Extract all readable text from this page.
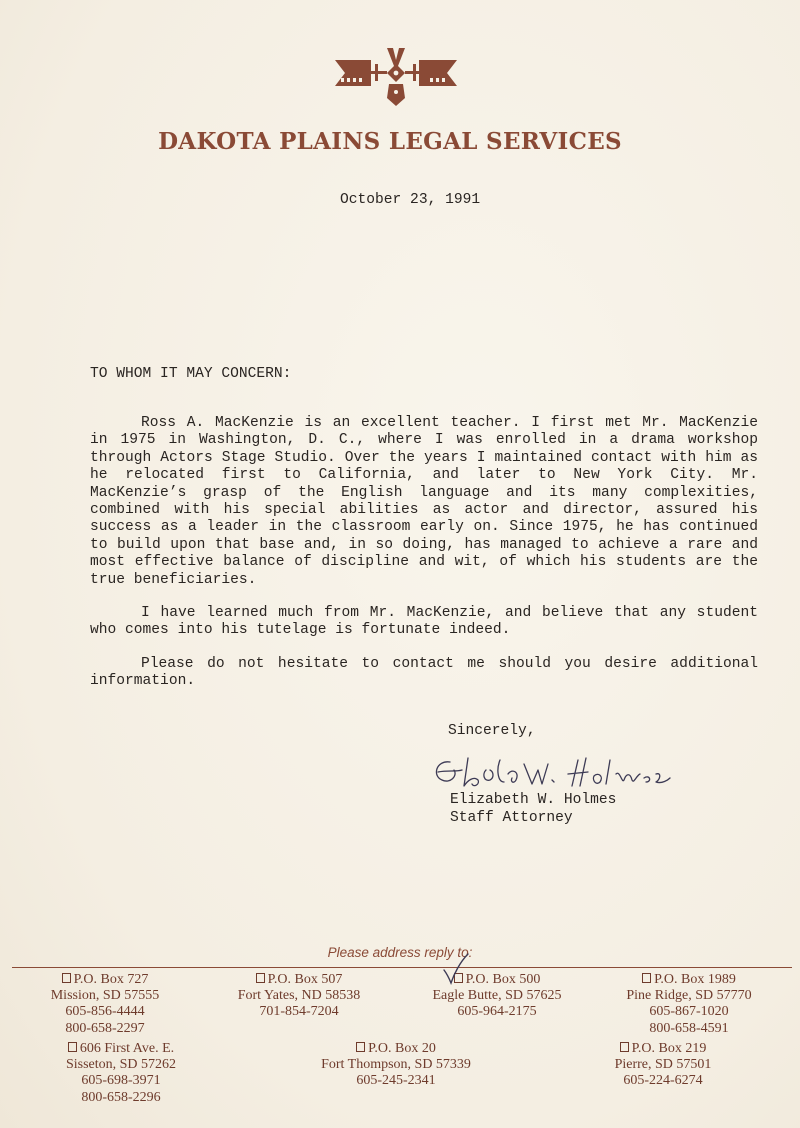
DAKOTA PLAINS LEGAL SERVICES
October 23, 1991
TO WHOM IT MAY CONCERN:

Ross A. MacKenzie is an excellent teacher. I first met Mr. MacKenzie in 1975 in Washington, D. C., where I was enrolled in a drama workshop through Actors Stage Studio. Over the years I maintained contact with him as he relocated first to California, and later to New York City. Mr. MacKenzie’s grasp of the English language and its many complexities, combined with his special abilities as actor and director, assured his success as a leader in the classroom early on. Since 1975, he has continued to build upon that base and, in so doing, has managed to achieve a rare and most effective balance of discipline and wit, of which his students are the true beneficiaries.

I have learned much from Mr. MacKenzie, and believe that any student who comes into his tutelage is fortunate indeed.

Please do not hesitate to contact me should you desire additional information.

Sincerely,
Elizabeth W. Holmes
Staff Attorney
Please address reply to:
P.O. Box 727
Mission, SD 57555
605-856-4444
800-658-2297
P.O. Box 507
Fort Yates, ND 58538
701-854-7204
P.O. Box 500
Eagle Butte, SD 57625
605-964-2175
P.O. Box 1989
Pine Ridge, SD 57770
605-867-1020
800-658-4591
606 First Ave. E.
Sisseton, SD 57262
605-698-3971
800-658-2296
P.O. Box 20
Fort Thompson, SD 57339
605-245-2341
P.O. Box 219
Pierre, SD 57501
605-224-6274
